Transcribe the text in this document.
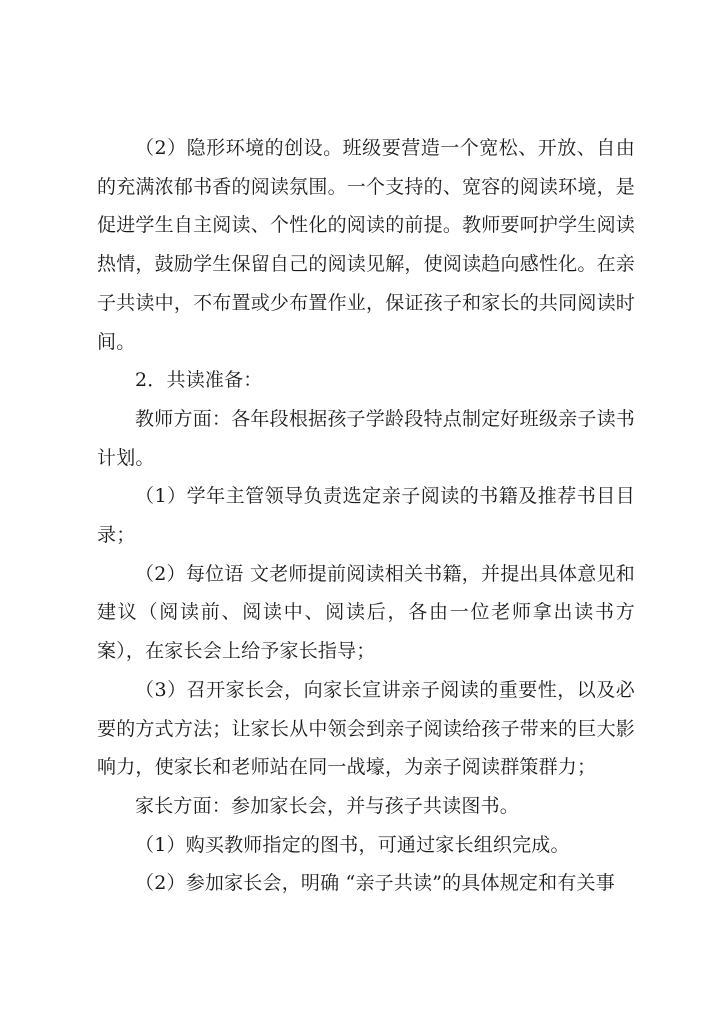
（2）隐形环境的创设。班级要营造一个宽松、开放、自由的充满浓郁书香的阅读氛围。一个支持的、宽容的阅读环境，是促进学生自主阅读、个性化的阅读的前提。教师要呵护学生阅读热情，鼓励学生保留自己的阅读见解，使阅读趋向感性化。在亲子共读中，不布置或少布置作业，保证孩子和家长的共同阅读时间。

2．共读准备：

教师方面：各年段根据孩子学龄段特点制定好班级亲子读书计划。

（1）学年主管领导负责选定亲子阅读的书籍及推荐书目目录；

（2）每位语 文老师提前阅读相关书籍，并提出具体意见和建议（阅读前、阅读中、阅读后，各由一位老师拿出读书方案），在家长会上给予家长指导；

（3）召开家长会，向家长宣讲亲子阅读的重要性，以及必要的方式方法；让家长从中领会到亲子阅读给孩子带来的巨大影响力，使家长和老师站在同一战壕，为亲子阅读群策群力；

家长方面：参加家长会，并与孩子共读图书。

（1）购买教师指定的图书，可通过家长组织完成。

（2）参加家长会，明确 “亲子共读”的具体规定和有关事
